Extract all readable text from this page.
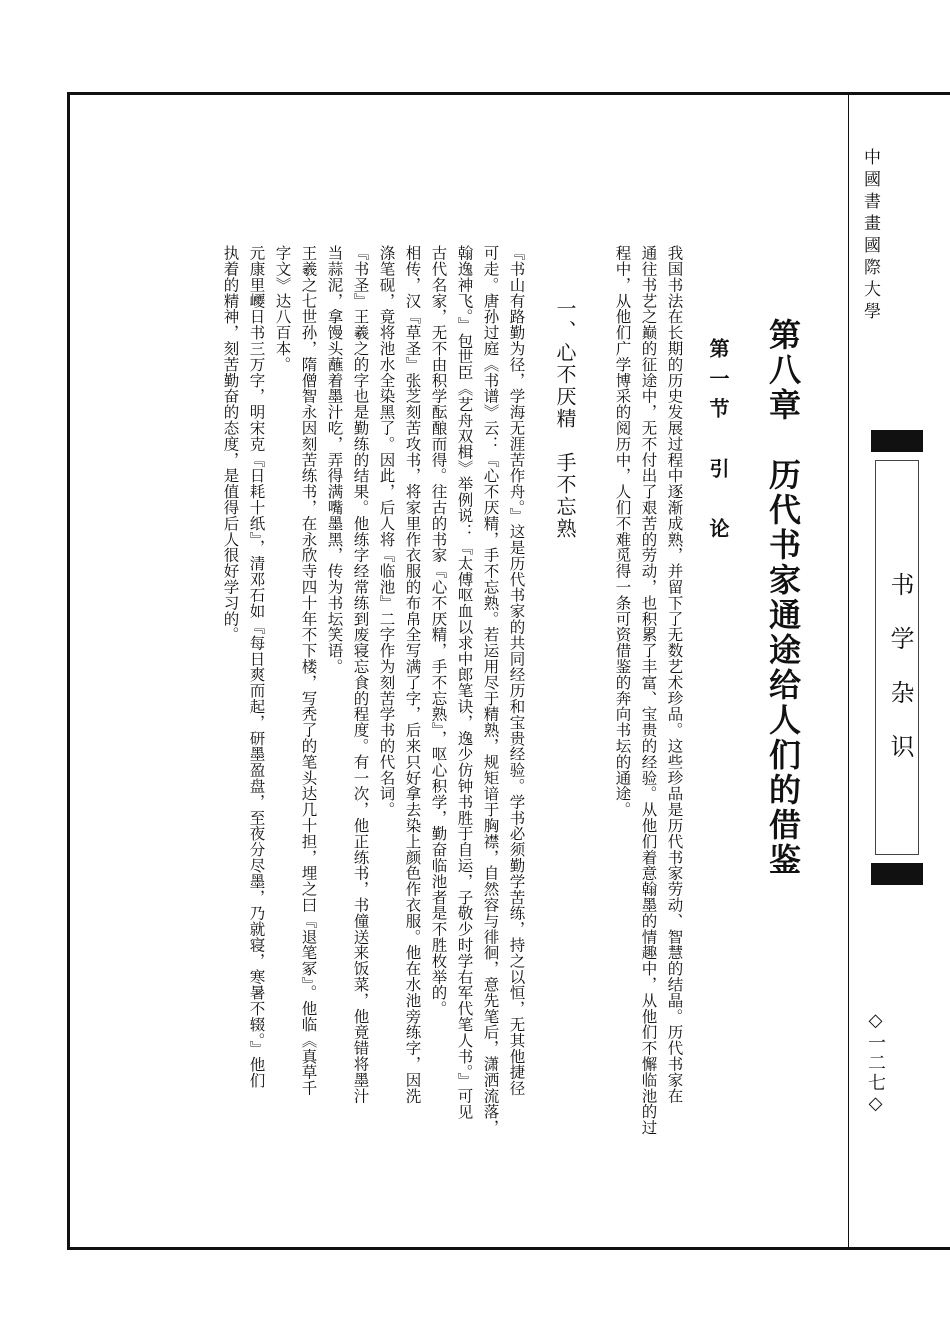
中國書畫國際大學
书学杂识
◇一二七◇
第八章　历代书家通途给人们的借鉴
第一节　引　论
我国书法在长期的历史发展过程中逐渐成熟，并留下了无数艺术珍品。这些珍品是历代书家劳动、智慧的结晶。历代书家在
通往书艺之巅的征途中，无不付出了艰苦的劳动，也积累了丰富、宝贵的经验。从他们着意翰墨的情趣中，从他们不懈临池的过
程中，从他们广学博采的阅历中，人们不难觅得一条可资借鉴的奔向书坛的通途。
一、心不厌精　手不忘熟
『书山有路勤为径，学海无涯苦作舟。』这是历代书家的共同经历和宝贵经验。学书必须勤学苦练，持之以恒，无其他捷径
可走。唐孙过庭《书谱》云：『心不厌精，手不忘熟。若运用尽于精熟，规矩谙于胸襟，自然容与徘徊，意先笔后，潇洒流落，
翰逸神飞。』包世臣《艺舟双楫》举例说：『太傅呕血以求中郎笔诀，逸少仿钟书胜于自运，子敬少时学右军代笔人书。』可见
古代名家，无不由积学酝酿而得。往古的书家『心不厌精，手不忘熟』，呕心积学，勤奋临池者是不胜枚举的。
相传，汉『草圣』张芝刻苦攻书，将家里作衣服的布帛全写满了字，后来只好拿去染上颜色作衣服。他在水池旁练字，因洗
涤笔砚，竟将池水全染黑了。因此，后人将『临池』二字作为刻苦学书的代名词。
『书圣』王羲之的字也是勤练的结果。他练字经常练到废寝忘食的程度。有一次，他正练书，书僮送来饭菜，他竟错将墨汁
当蒜泥，拿馒头蘸着墨汁吃，弄得满嘴墨黑，传为书坛笑语。
王羲之七世孙，隋僧智永因刻苦练书，在永欣寺四十年不下楼，写秃了的笔头达几十担，埋之曰『退笔冢』。他临《真草千
字文》达八百本。
元康里巎日书三万字，明宋克『日耗十纸』，清邓石如『每日爽而起，研墨盈盘，至夜分尽墨，乃就寝，寒暑不辍。』他们
执着的精神，刻苦勤奋的态度，是值得后人很好学习的。
